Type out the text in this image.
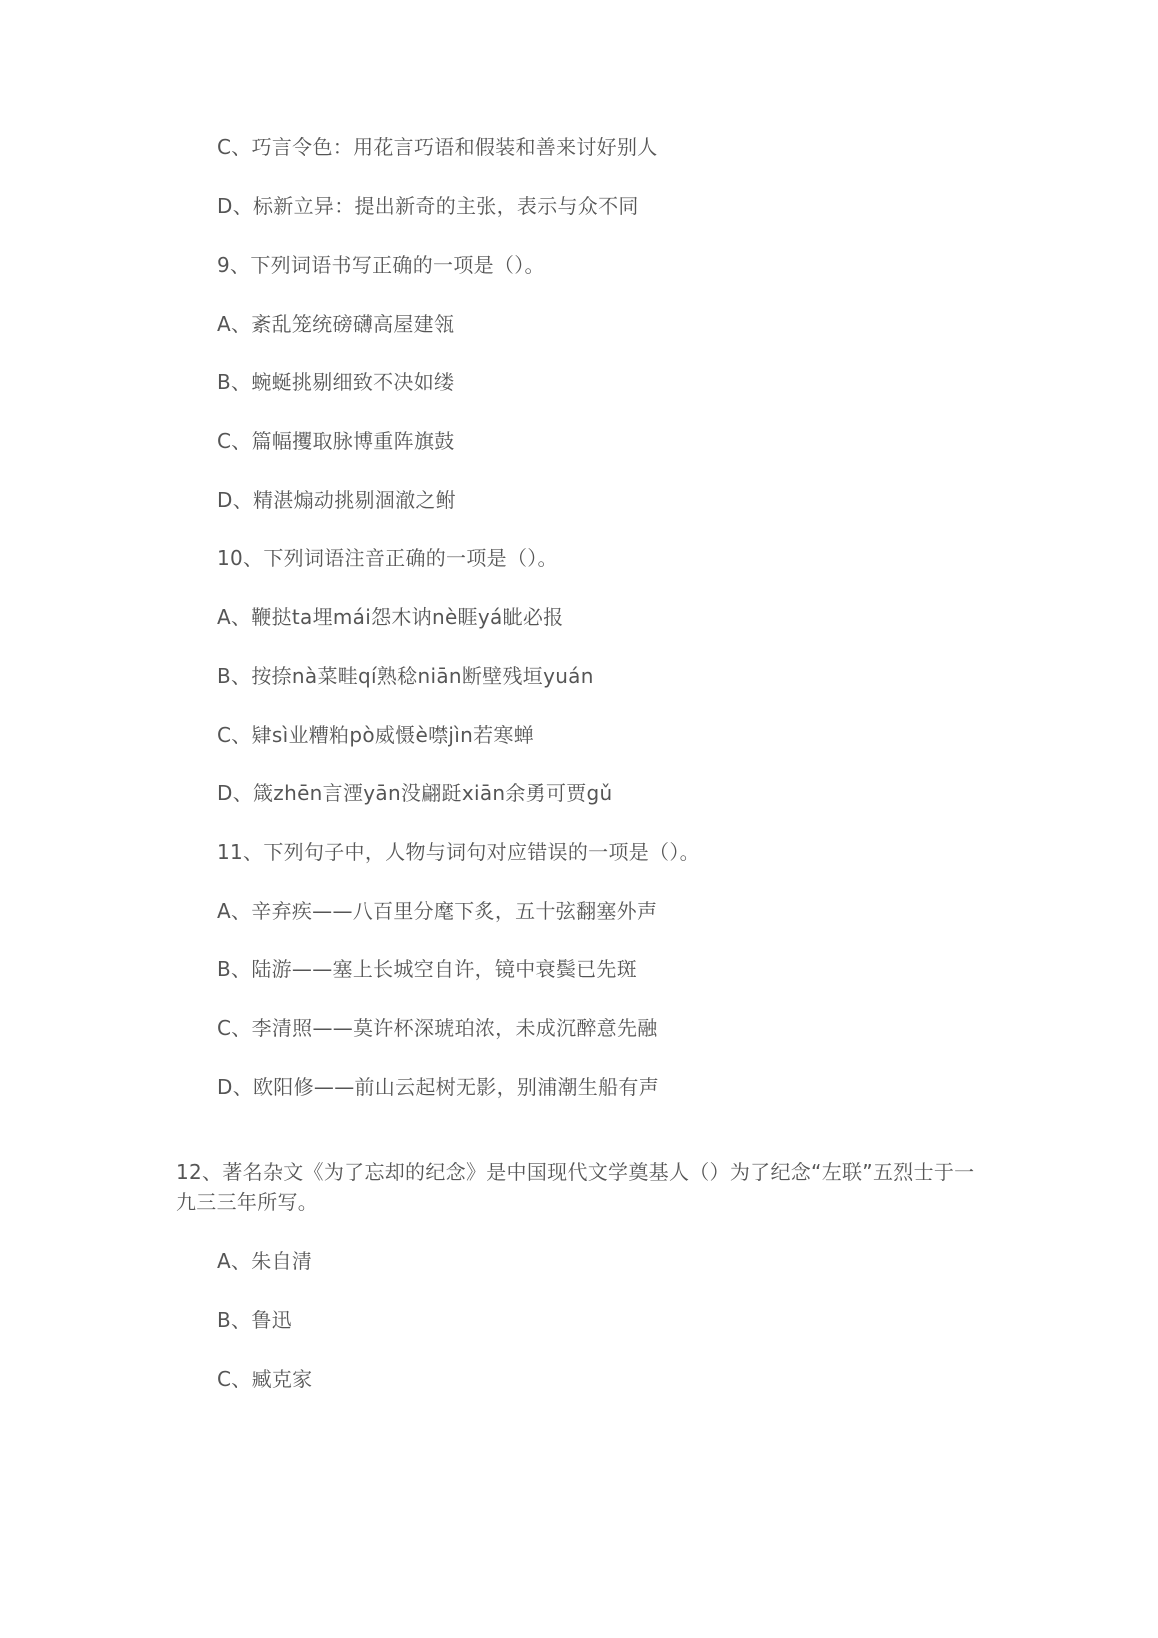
C、巧言令色：用花言巧语和假装和善来讨好别人
D、标新立异：提出新奇的主张，表示与众不同
9、下列词语书写正确的一项是（）。
A、紊乱笼统磅礴高屋建瓴
B、蜿蜒挑剔细致不决如缕
C、篇幅攫取脉博重阵旗鼓
D、精湛煽动挑剔涸澈之鲋
10、下列词语注音正确的一项是（）。
A、鞭挞ta埋mái怨木讷nè睚yá眦必报
B、按捺nà菜畦qí熟稔niān断壁残垣yuán
C、肄sì业糟粕pò威慑è噤jìn若寒蝉
D、箴zhēn言湮yān没翩跹xiān余勇可贾gǔ
11、下列句子中，人物与词句对应错误的一项是（）。
A、辛弃疾——八百里分麾下炙，五十弦翻塞外声
B、陆游——塞上长城空自许，镜中衰鬓已先斑
C、李清照——莫许杯深琥珀浓，未成沉醉意先融
D、欧阳修——前山云起树无影，别浦潮生船有声
12、著名杂文《为了忘却的纪念》是中国现代文学奠基人（）为了纪念“左联”五烈士于一九三三年所写。
A、朱自清
B、鲁迅
C、臧克家
